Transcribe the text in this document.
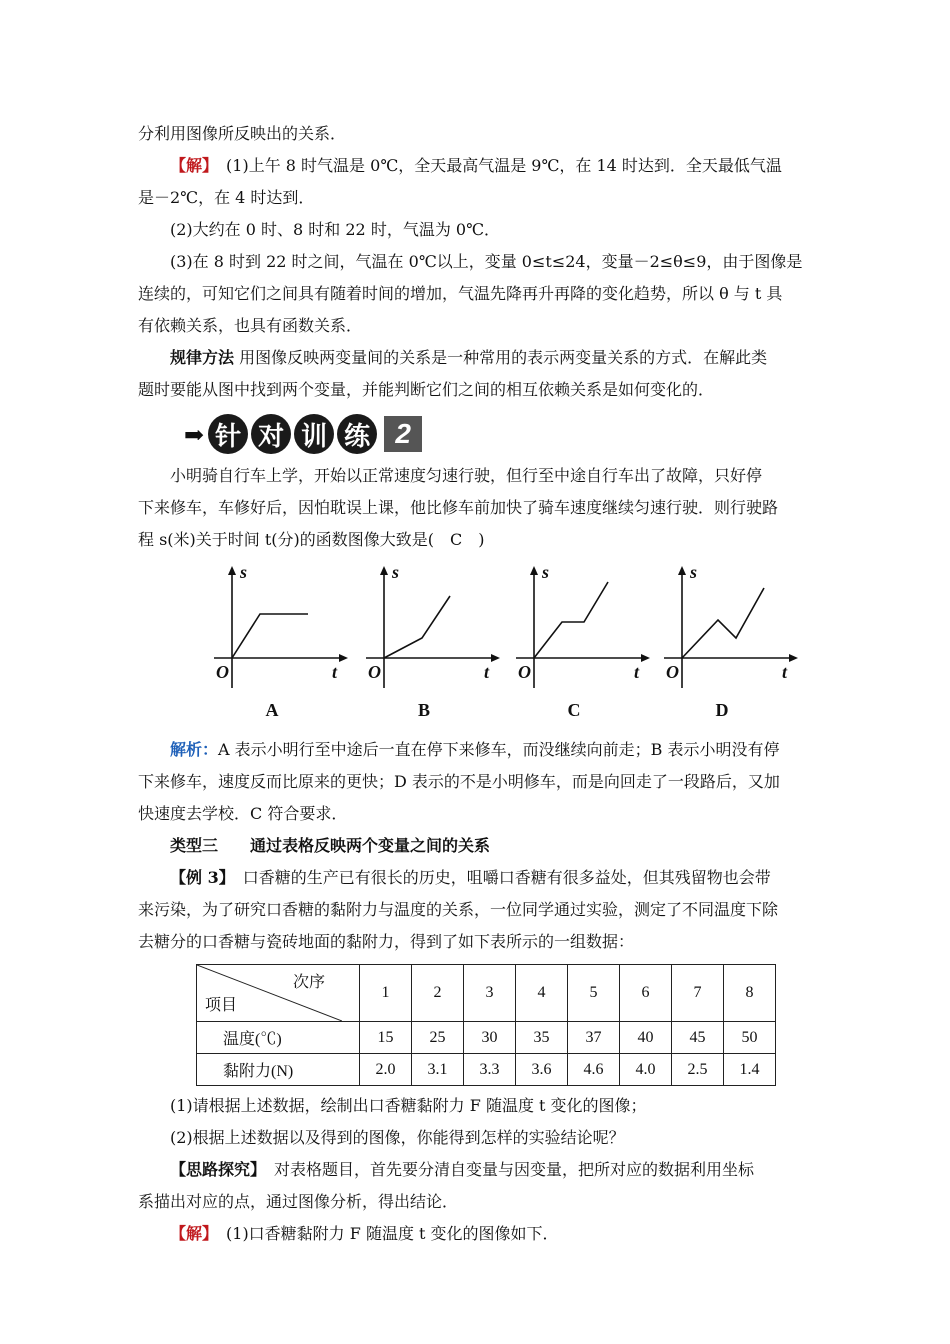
分利用图像所反映出的关系．

【解】　 (1)上午 8 时气温是 0℃，全天最高气温是 9℃，在 14 时达到．全天最低气温

是－2℃，在 4 时达到．

(2)大约在 0 时、8 时和 22 时，气温为 0℃．

(3)在 8 时到 22 时之间，气温在 0℃以上，变量 0≤t≤24，变量－2≤θ≤9，由于图像是

连续的，可知它们之间具有随着时间的增加，气温先降再升再降的变化趋势，所以 θ 与 t 具

有依赖关系，也具有函数关系．

规律方法 用图像反映两变量间的关系是一种常用的表示两变量关系的方式．在解此类

题时要能从图中找到两个变量，并能判断它们之间的相互依赖关系是如何变化的．

➡ 针 对 训 练 2

小明骑自行车上学，开始以正常速度匀速行驶，但行至中途自行车出了故障，只好停

下来修车，车修好后，因怕耽误上课，他比修车前加快了骑车速度继续匀速行驶．则行驶路

程 s(米)关于时间 t(分)的函数图像大致是(　C　)

s
O	t
A
s
O	t
B
s
O	t
C
s
O	t
D

解析：A 表示小明行至中途后一直在停下来修车，而没继续向前走；B 表示小明没有停

下来修车，速度反而比原来的更快；D 表示的不是小明修车，而是向回走了一段路后，又加

快速度去学校．C 符合要求．

类型三　　通过表格反映两个变量之间的关系

【例 3】　口香糖的生产已有很长的历史，咀嚼口香糖有很多益处，但其残留物也会带

来污染，为了研究口香糖的黏附力与温度的关系，一位同学通过实验，测定了不同温度下除

去糖分的口香糖与瓷砖地面的黏附力，得到了如下表所示的一组数据：

次序
项目	1	2	3	4	5	6	7	8
温度(℃)	15	25	30	35	37	40	45	50
黏附力(N)	2.0	3.1	3.3	3.6	4.6	4.0	2.5	1.4

(1)请根据上述数据，绘制出口香糖黏附力 F 随温度 t 变化的图像；

(2)根据上述数据以及得到的图像，你能得到怎样的实验结论呢？

【思路探究】　对表格题目，首先要分清自变量与因变量，把所对应的数据利用坐标

系描出对应的点，通过图像分析，得出结论．

【解】　(1)口香糖黏附力 F 随温度 t 变化的图像如下．
